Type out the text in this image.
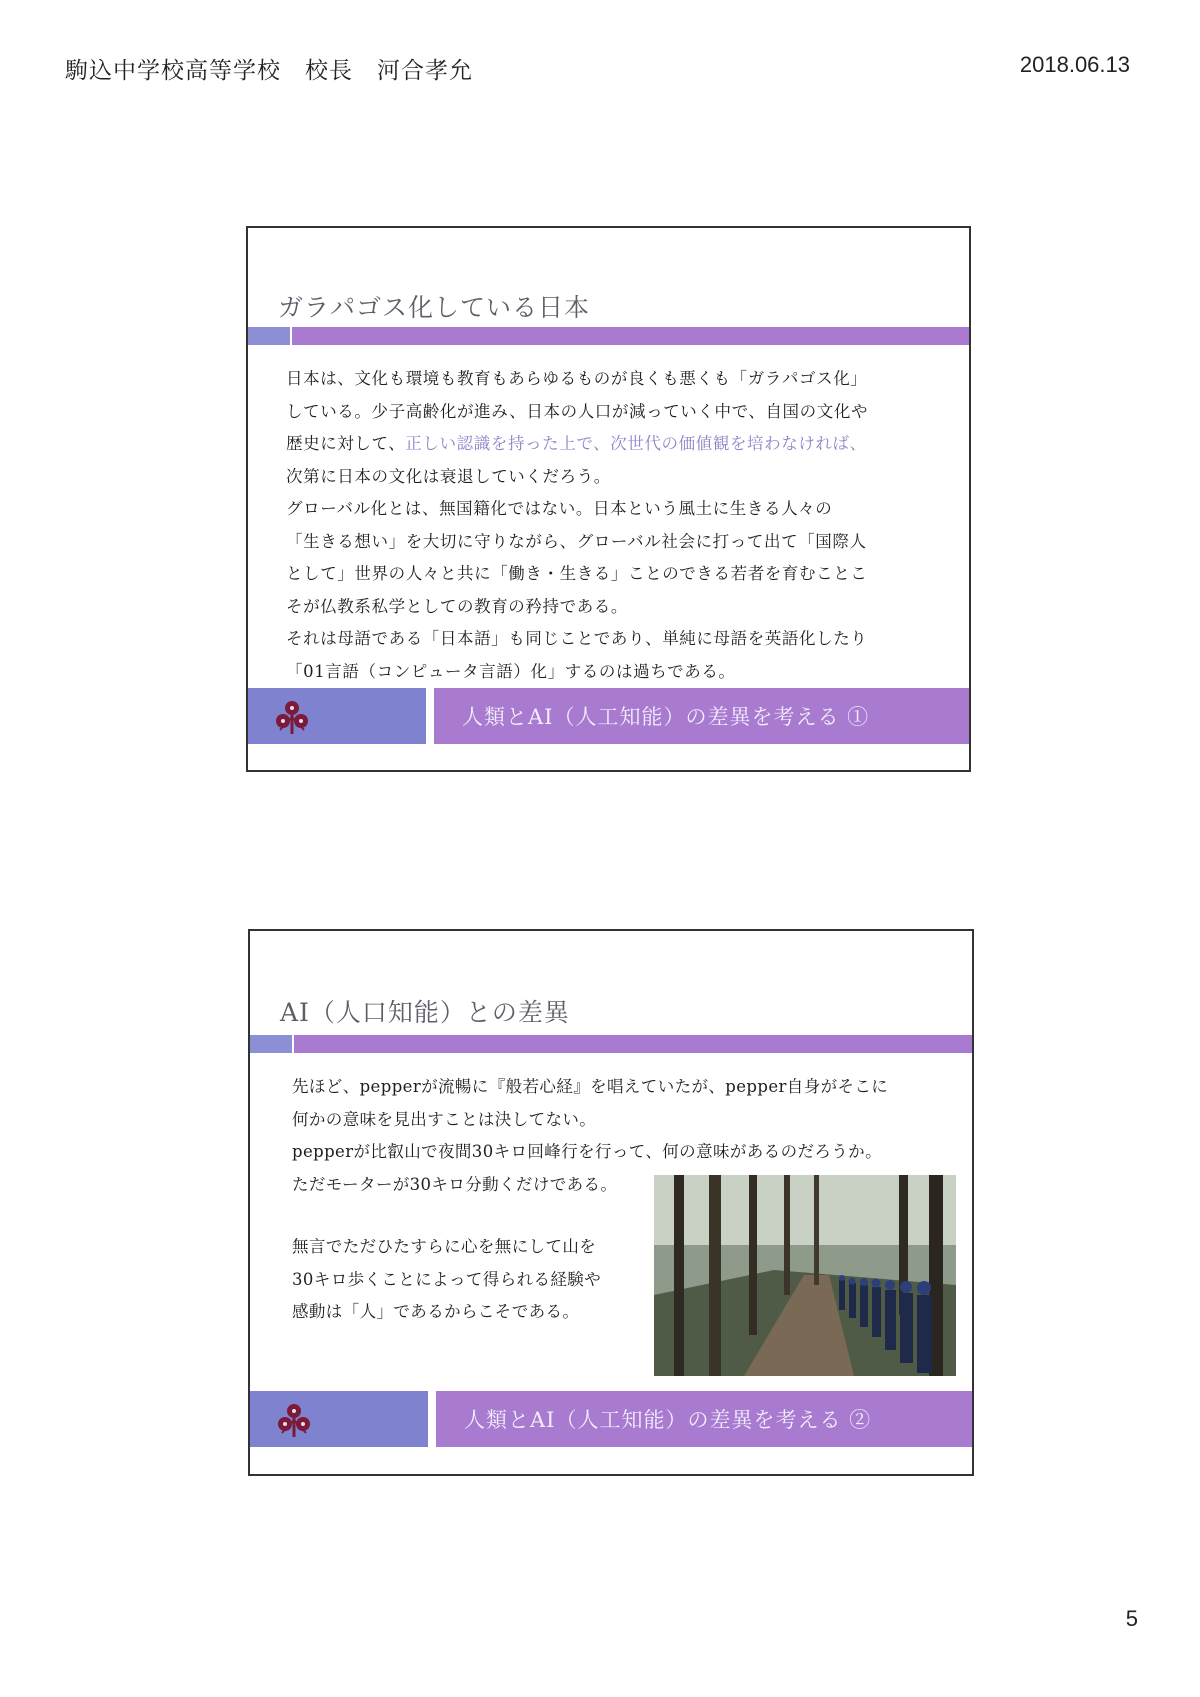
駒込中学校高等学校　校長　河合孝允	2018.06.13
ガラパゴス化している日本
日本は、文化も環境も教育もあらゆるものが良くも悪くも「ガラパゴス化」
している。少子高齢化が進み、日本の人口が減っていく中で、自国の文化や
歴史に対して、正しい認識を持った上で、次世代の価値観を培わなければ、
次第に日本の文化は衰退していくだろう。
グローバル化とは、無国籍化ではない。日本という風土に生きる人々の
「生きる想い」を大切に守りながら、グローバル社会に打って出て「国際人
として」世界の人々と共に「働き・生きる」ことのできる若者を育むことこ
そが仏教系私学としての教育の矜持である。
それは母語である「日本語」も同じことであり、単純に母語を英語化したり
「01言語（コンピュータ言語）化」するのは過ちである。
人類とAI（人工知能）の差異を考える ①
AI（人口知能）との差異
先ほど、pepperが流暢に『般若心経』を唱えていたが、pepper自身がそこに
何かの意味を見出すことは決してない。
pepperが比叡山で夜間30キロ回峰行を行って、何の意味があるのだろうか。
ただモーターが30キロ分動くだけである。
無言でただひたすらに心を無にして山を
30キロ歩くことによって得られる経験や
感動は「人」であるからこそである。
人類とAI（人工知能）の差異を考える ②
5
